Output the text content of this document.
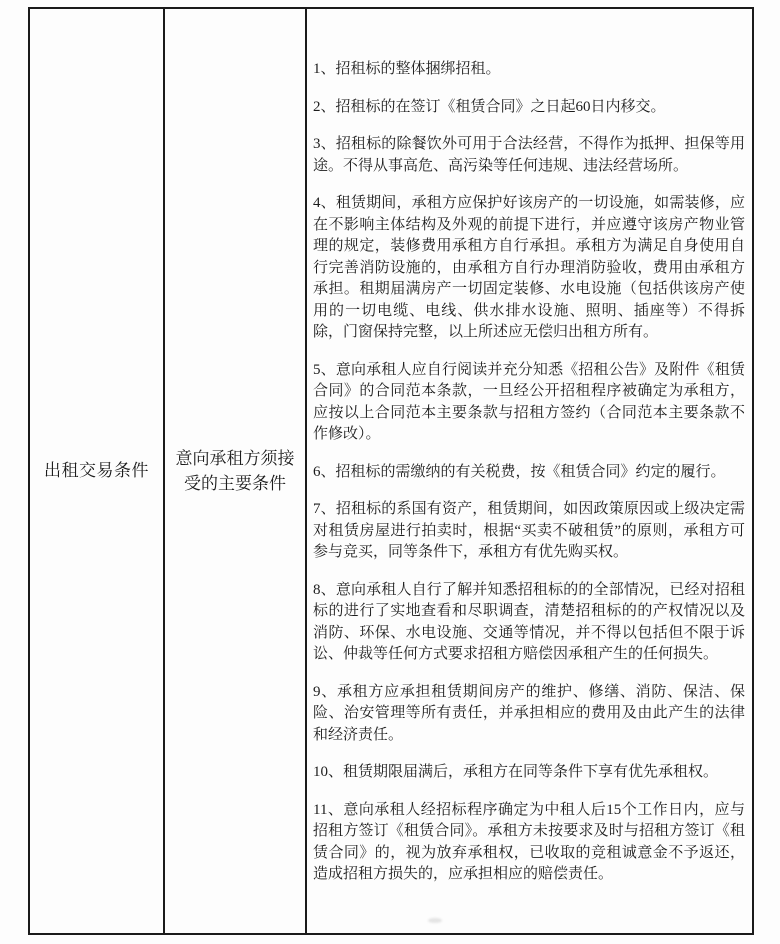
出租交易条件
意向承租方须接受的主要条件

1、招租标的整体捆绑招租。

2、招租标的在签订《租赁合同》之日起60日内移交。

3、招租标的除餐饮外可用于合法经营，不得作为抵押、担保等用途。不得从事高危、高污染等任何违规、违法经营场所。

4、租赁期间，承租方应保护好该房产的一切设施，如需装修，应在不影响主体结构及外观的前提下进行，并应遵守该房产物业管理的规定，装修费用承租方自行承担。承租方为满足自身使用自行完善消防设施的，由承租方自行办理消防验收，费用由承租方承担。租期届满房产一切固定装修、水电设施（包括供该房产使用的一切电缆、电线、供水排水设施、照明、插座等）不得拆除，门窗保持完整，以上所述应无偿归出租方所有。

5、意向承租人应自行阅读并充分知悉《招租公告》及附件《租赁合同》的合同范本条款，一旦经公开招租程序被确定为承租方，应按以上合同范本主要条款与招租方签约（合同范本主要条款不作修改）。

6、招租标的需缴纳的有关税费，按《租赁合同》约定的履行。

7、招租标的系国有资产，租赁期间，如因政策原因或上级决定需对租赁房屋进行拍卖时，根据“买卖不破租赁”的原则，承租方可参与竞买，同等条件下，承租方有优先购买权。

8、意向承租人自行了解并知悉招租标的的全部情况，已经对招租标的进行了实地查看和尽职调查，清楚招租标的的产权情况以及消防、环保、水电设施、交通等情况，并不得以包括但不限于诉讼、仲裁等任何方式要求招租方赔偿因承租产生的任何损失。

9、承租方应承担租赁期间房产的维护、修缮、消防、保洁、保险、治安管理等所有责任，并承担相应的费用及由此产生的法律和经济责任。

10、租赁期限届满后，承租方在同等条件下享有优先承租权。

11、意向承租人经招标程序确定为中租人后15个工作日内，应与招租方签订《租赁合同》。承租方未按要求及时与招租方签订《租赁合同》的，视为放弃承租权，已收取的竞租诚意金不予返还，造成招租方损失的，应承担相应的赔偿责任。
